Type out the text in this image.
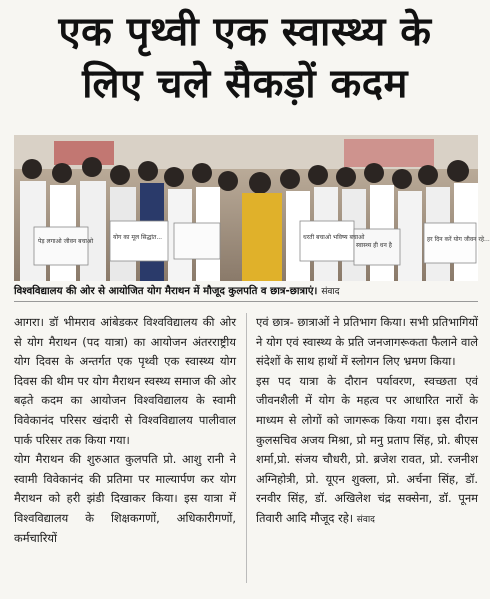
एक पृथ्वी एक स्वास्थ्य के
लिए चले सैकड़ों कदम
पेड़ लगाओ जीवन बचाओ
योग का मूल सिद्धांत...	धरती बचाओ भविष्य बचाओ	हर दिन करें योग जीवन रहे...
स्वास्थ्य ही धन है
विश्वविद्यालय की ओर से आयोजित योग मैराथन में मौजूद कुलपति व छात्र-छात्राएं। संवाद

आगरा। डॉ भीमराव आंबेडकर विश्वविद्यालय की ओर से योग मैराथन (पद यात्रा) का आयोजन अंतरराष्ट्रीय योग दिवस के अन्तर्गत एक पृथ्वी एक स्वास्थ्य योग दिवस की थीम पर योग मैराथन स्वस्थ्य समाज की ओर बढ़ते कदम का आयोजन विश्वविद्यालय के स्वामी विवेकानंद परिसर खंदारी से विश्वविद्यालय पालीवाल पार्क परिसर तक किया गया।

योग मैराथन की शुरुआत कुलपति प्रो. आशु रानी ने स्वामी विवेकानंद की प्रतिमा पर माल्यार्पण कर योग मैराथन को हरी झंडी दिखाकर किया। इस यात्रा में विश्वविद्यालय के शिक्षकगणों, अधिकारीगणों, कर्मचारियों

एवं छात्र- छात्राओं ने प्रतिभाग किया। सभी प्रतिभागियों ने योग एवं स्वास्थ्य के प्रति जनजागरूकता फैलाने वाले संदेशों के साथ हाथों में स्लोगन लिए भ्रमण किया।

इस पद यात्रा के दौरान पर्यावरण, स्वच्छता एवं जीवनशैली में योग के महत्व पर आधारित नारों के माध्यम से लोगों को जागरूक किया गया। इस दौरान कुलसचिव अजय मिश्रा, प्रो मनु प्रताप सिंह, प्रो. बीएस शर्मा,प्रो. संजय चौधरी, प्रो. ब्रजेश रावत, प्रो. रजनीश अग्निहोत्री, प्रो. यूएन शुक्ला, प्रो. अर्चना सिंह, डॉ. रनवीर सिंह, डॉ. अखिलेश चंद्र सक्सेना, डॉ. पूनम तिवारी आदि मौजूद रहे। संवाद
